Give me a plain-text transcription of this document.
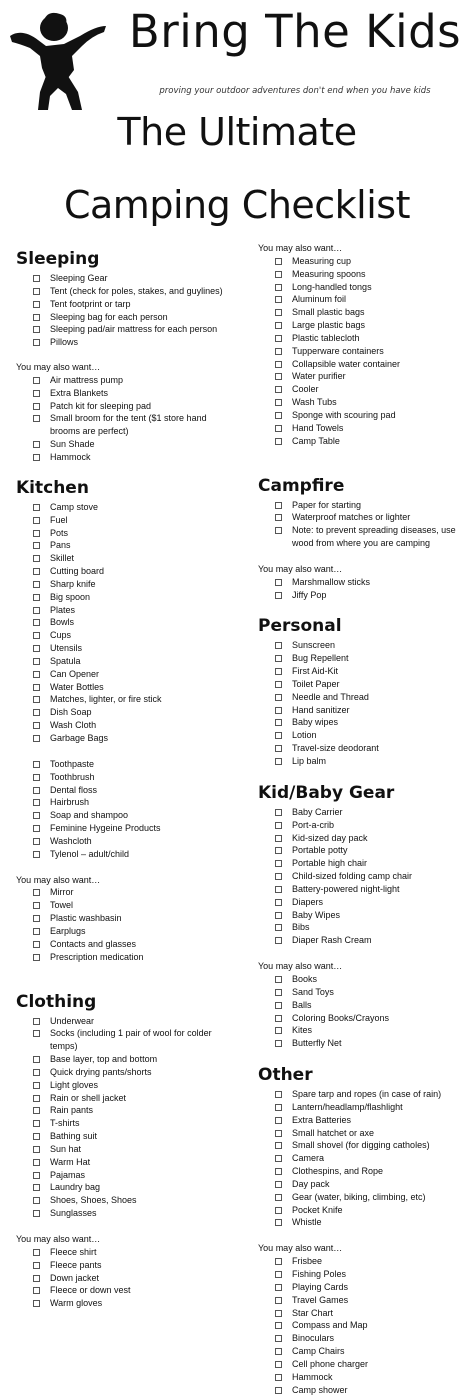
Bring The Kids
proving your outdoor adventures don't end when you have kids
The Ultimate
Camping Checklist
Sleeping
Sleeping Gear
Tent (check for poles, stakes, and guylines)
Tent footprint or tarp
Sleeping bag for each person
Sleeping pad/air mattress for each person
Pillows
You may also want…
Air mattress pump
Extra Blankets
Patch kit for sleeping pad
Small broom for the tent ($1 store hand brooms are perfect)
Sun Shade
Hammock
Kitchen
Camp stove
Fuel
Pots
Pans
Skillet
Cutting board
Sharp knife
Big spoon
Plates
Bowls
Cups
Utensils
Spatula
Can Opener
Water Bottles
Matches, lighter, or fire stick
Dish Soap
Wash Cloth
Garbage Bags
Toothpaste
Toothbrush
Dental floss
Hairbrush
Soap and shampoo
Feminine Hygeine Products
Washcloth
Tylenol – adult/child
You may also want…
Mirror
Towel
Plastic washbasin
Earplugs
Contacts and glasses
Prescription medication
Clothing
Underwear
Socks (including 1 pair of wool for colder temps)
Base layer, top and bottom
Quick drying pants/shorts
Light gloves
Rain or shell jacket
Rain pants
T-shirts
Bathing suit
Sun hat
Warm Hat
Pajamas
Laundry bag
Shoes, Shoes, Shoes
Sunglasses
You may also want…
Fleece shirt
Fleece pants
Down jacket
Fleece or down vest
Warm gloves
You may also want…
Measuring cup
Measuring spoons
Long-handled tongs
Aluminum foil
Small plastic bags
Large plastic bags
Plastic tablecloth
Tupperware containers
Collapsible water container
Water purifier
Cooler
Wash Tubs
Sponge with scouring pad
Hand Towels
Camp Table
Campfire
Paper for starting
Waterproof matches or lighter
Note: to prevent spreading diseases, use wood from where you are camping
You may also want…
Marshmallow sticks
Jiffy Pop
Personal
Sunscreen
Bug Repellent
First Aid-Kit
Toilet Paper
Needle and Thread
Hand sanitizer
Baby wipes
Lotion
Travel-size deodorant
Lip balm
Kid/Baby Gear
Baby Carrier
Port-a-crib
Kid-sized day pack
Portable potty
Portable high chair
Child-sized folding camp chair
Battery-powered night-light
Diapers
Baby Wipes
Bibs
Diaper Rash Cream
You may also want…
Books
Sand Toys
Balls
Coloring Books/Crayons
Kites
Butterfly Net
Other
Spare tarp and ropes (in case of rain)
Lantern/headlamp/flashlight
Extra Batteries
Small hatchet or axe
Small shovel (for digging catholes)
Camera
Clothespins, and Rope
Day pack
Gear (water, biking, climbing, etc)
Pocket Knife
Whistle
You may also want…
Frisbee
Fishing Poles
Playing Cards
Travel Games
Star Chart
Compass and Map
Binoculars
Camp Chairs
Cell phone charger
Hammock
Camp shower
